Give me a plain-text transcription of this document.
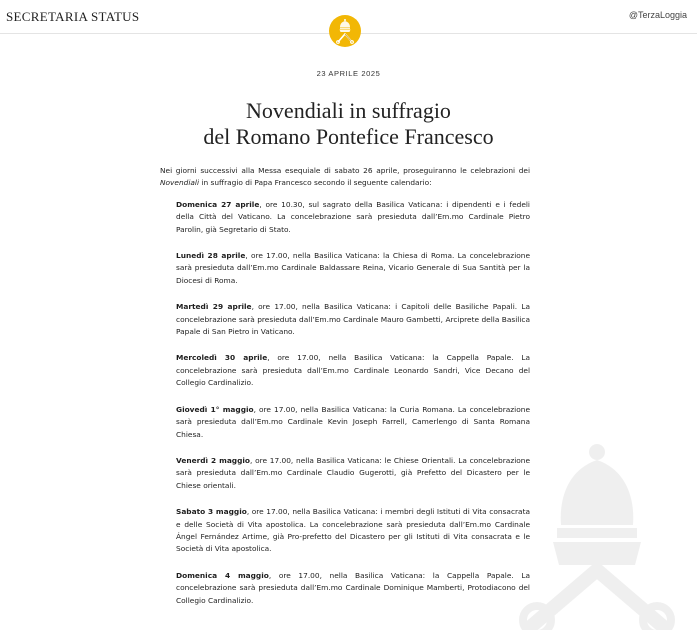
SECRETARIA STATUS	@TerzaLoggia
23 APRILE 2025
Novendiali in suffragio
del Romano Pontefice Francesco

Nei giorni successivi alla Messa esequiale di sabato 26 aprile, proseguiranno le celebrazioni dei Novendiali in suffragio di Papa Francesco secondo il seguente calendario:

Domenica 27 aprile, ore 10.30, sul sagrato della Basilica Vaticana: i dipendenti e i fedeli della Città del Vaticano. La concelebrazione sarà presieduta dall’Em.mo Cardinale Pietro Parolin, già Segretario di Stato.

Lunedì 28 aprile, ore 17.00, nella Basilica Vaticana: la Chiesa di Roma. La concelebrazione sarà presieduta dall’Em.mo Cardinale Baldassare Reina, Vicario Generale di Sua Santità per la Diocesi di Roma.

Martedì 29 aprile, ore 17.00, nella Basilica Vaticana: i Capitoli delle Basiliche Papali. La concelebrazione sarà presieduta dall’Em.mo Cardinale Mauro Gambetti, Arciprete della Basilica Papale di San Pietro in Vaticano.

Mercoledì 30 aprile, ore 17.00, nella Basilica Vaticana: la Cappella Papale. La concelebrazione sarà presieduta dall’Em.mo Cardinale Leonardo Sandri, Vice Decano del Collegio Cardinalizio.

Giovedì 1° maggio, ore 17.00, nella Basilica Vaticana: la Curia Romana. La concelebrazione sarà presieduta dall’Em.mo Cardinale Kevin Joseph Farrell, Camerlengo di Santa Romana Chiesa.

Venerdì 2 maggio, ore 17.00, nella Basilica Vaticana: le Chiese Orientali. La concelebrazione sarà presieduta dall’Em.mo Cardinale Claudio Gugerotti, già Prefetto del Dicastero per le Chiese orientali.

Sabato 3 maggio, ore 17.00, nella Basilica Vaticana: i membri degli Istituti di Vita consacrata e delle Società di Vita apostolica. La concelebrazione sarà presieduta dall’Em.mo Cardinale Ángel Fernández Artime, già Pro-prefetto del Dicastero per gli Istituti di Vita consacrata e le Società di Vita apostolica.

Domenica 4 maggio, ore 17.00, nella Basilica Vaticana: la Cappella Papale. La concelebrazione sarà presieduta dall’Em.mo Cardinale Dominique Mamberti, Protodiacono del Collegio Cardinalizio.
